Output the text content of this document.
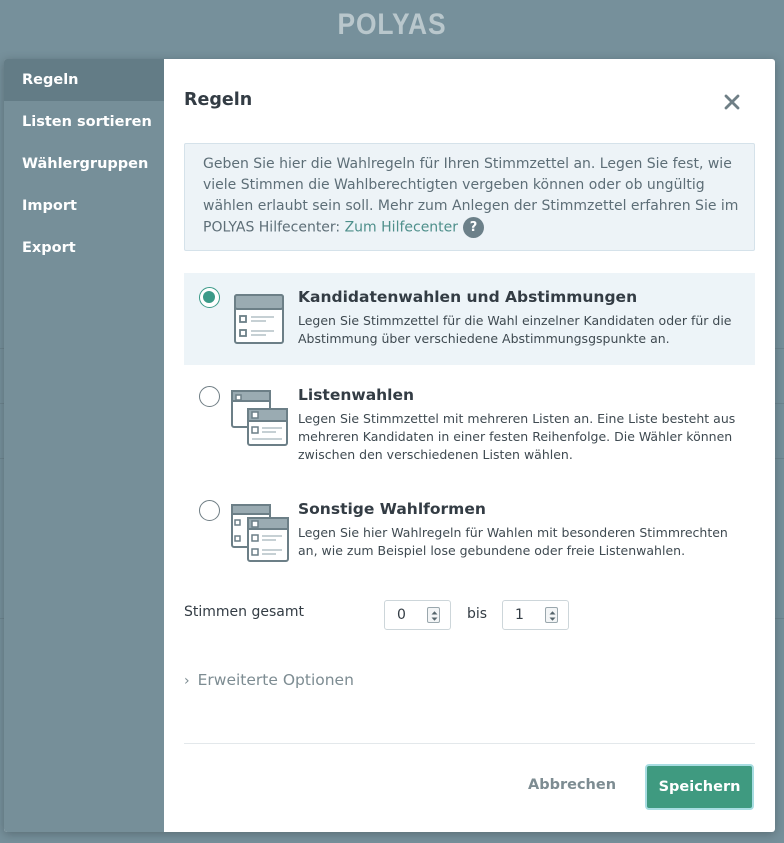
POLYAS
Regeln
Listen sortieren
Wählergruppen
Import
Export
Regeln
Geben Sie hier die Wahlregeln für Ihren Stimmzettel an. Legen Sie fest, wie viele Stimmen die Wahlberechtigten vergeben können oder ob ungültig wählen erlaubt sein soll. Mehr zum Anlegen der Stimmzettel erfahren Sie im POLYAS Hilfecenter: Zum Hilfecenter ?
Kandidatenwahlen und Abstimmungen
Legen Sie Stimmzettel für die Wahl einzelner Kandidaten oder für die Abstimmung über verschiedene Abstimmungsgspunkte an.
Listenwahlen
Legen Sie Stimmzettel mit mehreren Listen an. Eine Liste besteht aus mehreren Kandidaten in einer festen Reihenfolge. Die Wähler können zwischen den verschiedenen Listen wählen.
Sonstige Wahlformen
Legen Sie hier Wahlregeln für Wahlen mit besonderen Stimmrechten an, wie zum Beispiel lose gebundene oder freie Listenwahlen.
Stimmen gesamt	0	bis 1
› Erweiterte Optionen
Abbrechen	Speichern
